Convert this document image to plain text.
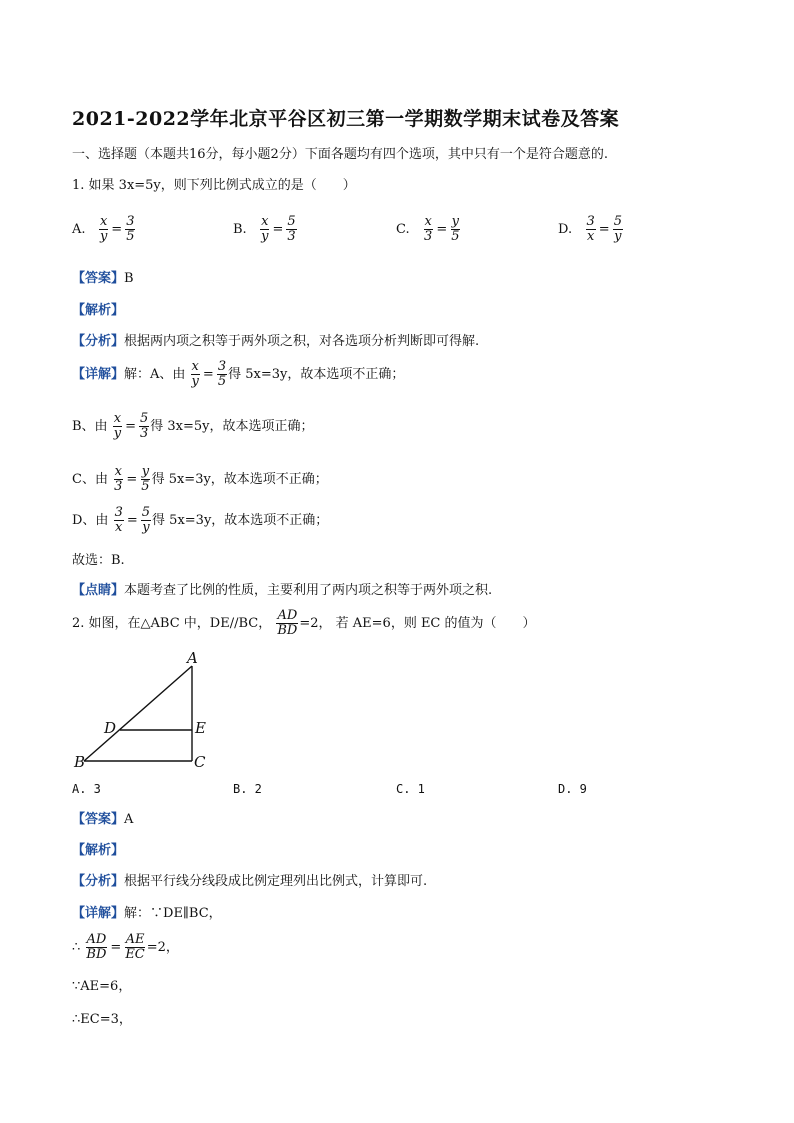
2021-2022学年北京平谷区初三第一学期数学期末试卷及答案
一、选择题（本题共16分，每小题2分）下面各题均有四个选项，其中只有一个是符合题意的.
1. 如果 3x=5y，则下列比例式成立的是（　　）
A. $\frac{x}{y} = \frac{3}{5}$	B. $\frac{x}{y} = \frac{5}{3}$	C. $\frac{x}{3} = \frac{y}{5}$	D. $\frac{3}{x} = \frac{5}{y}$
【答案】B
【解析】
【分析】根据两内项之积等于两外项之积，对各选项分析判断即可得解.
【详解】解：A、由 $\frac{x}{y} = \frac{3}{5}$ 得 5x=3y，故本选项不正确；
B、由 $\frac{x}{y} = \frac{5}{3}$ 得 3x=5y，故本选项正确；
C、由 $\frac{x}{3} = \frac{y}{5}$ 得 5x=3y，故本选项不正确；
D、由 $\frac{3}{x} = \frac{5}{y}$ 得 5x=3y，故本选项不正确；
故选：B.
【点睛】本题考查了比例的性质，主要利用了两内项之积等于两外项之积.
2. 如图，在△ABC 中，DE//BC， $\frac{AD}{BD} =2$， 若 AE=6，则 EC 的值为（　　）
A
B	C
D	E
A. 3	B. 2	C. 1	D. 9
【答案】A
【解析】
【分析】根据平行线分线段成比例定理列出比例式，计算即可.
【详解】解：∵DE∥BC，
∴ $\frac{AD}{BD} = \frac{AE}{EC} =2$，
∵AE=6，
∴EC=3，
